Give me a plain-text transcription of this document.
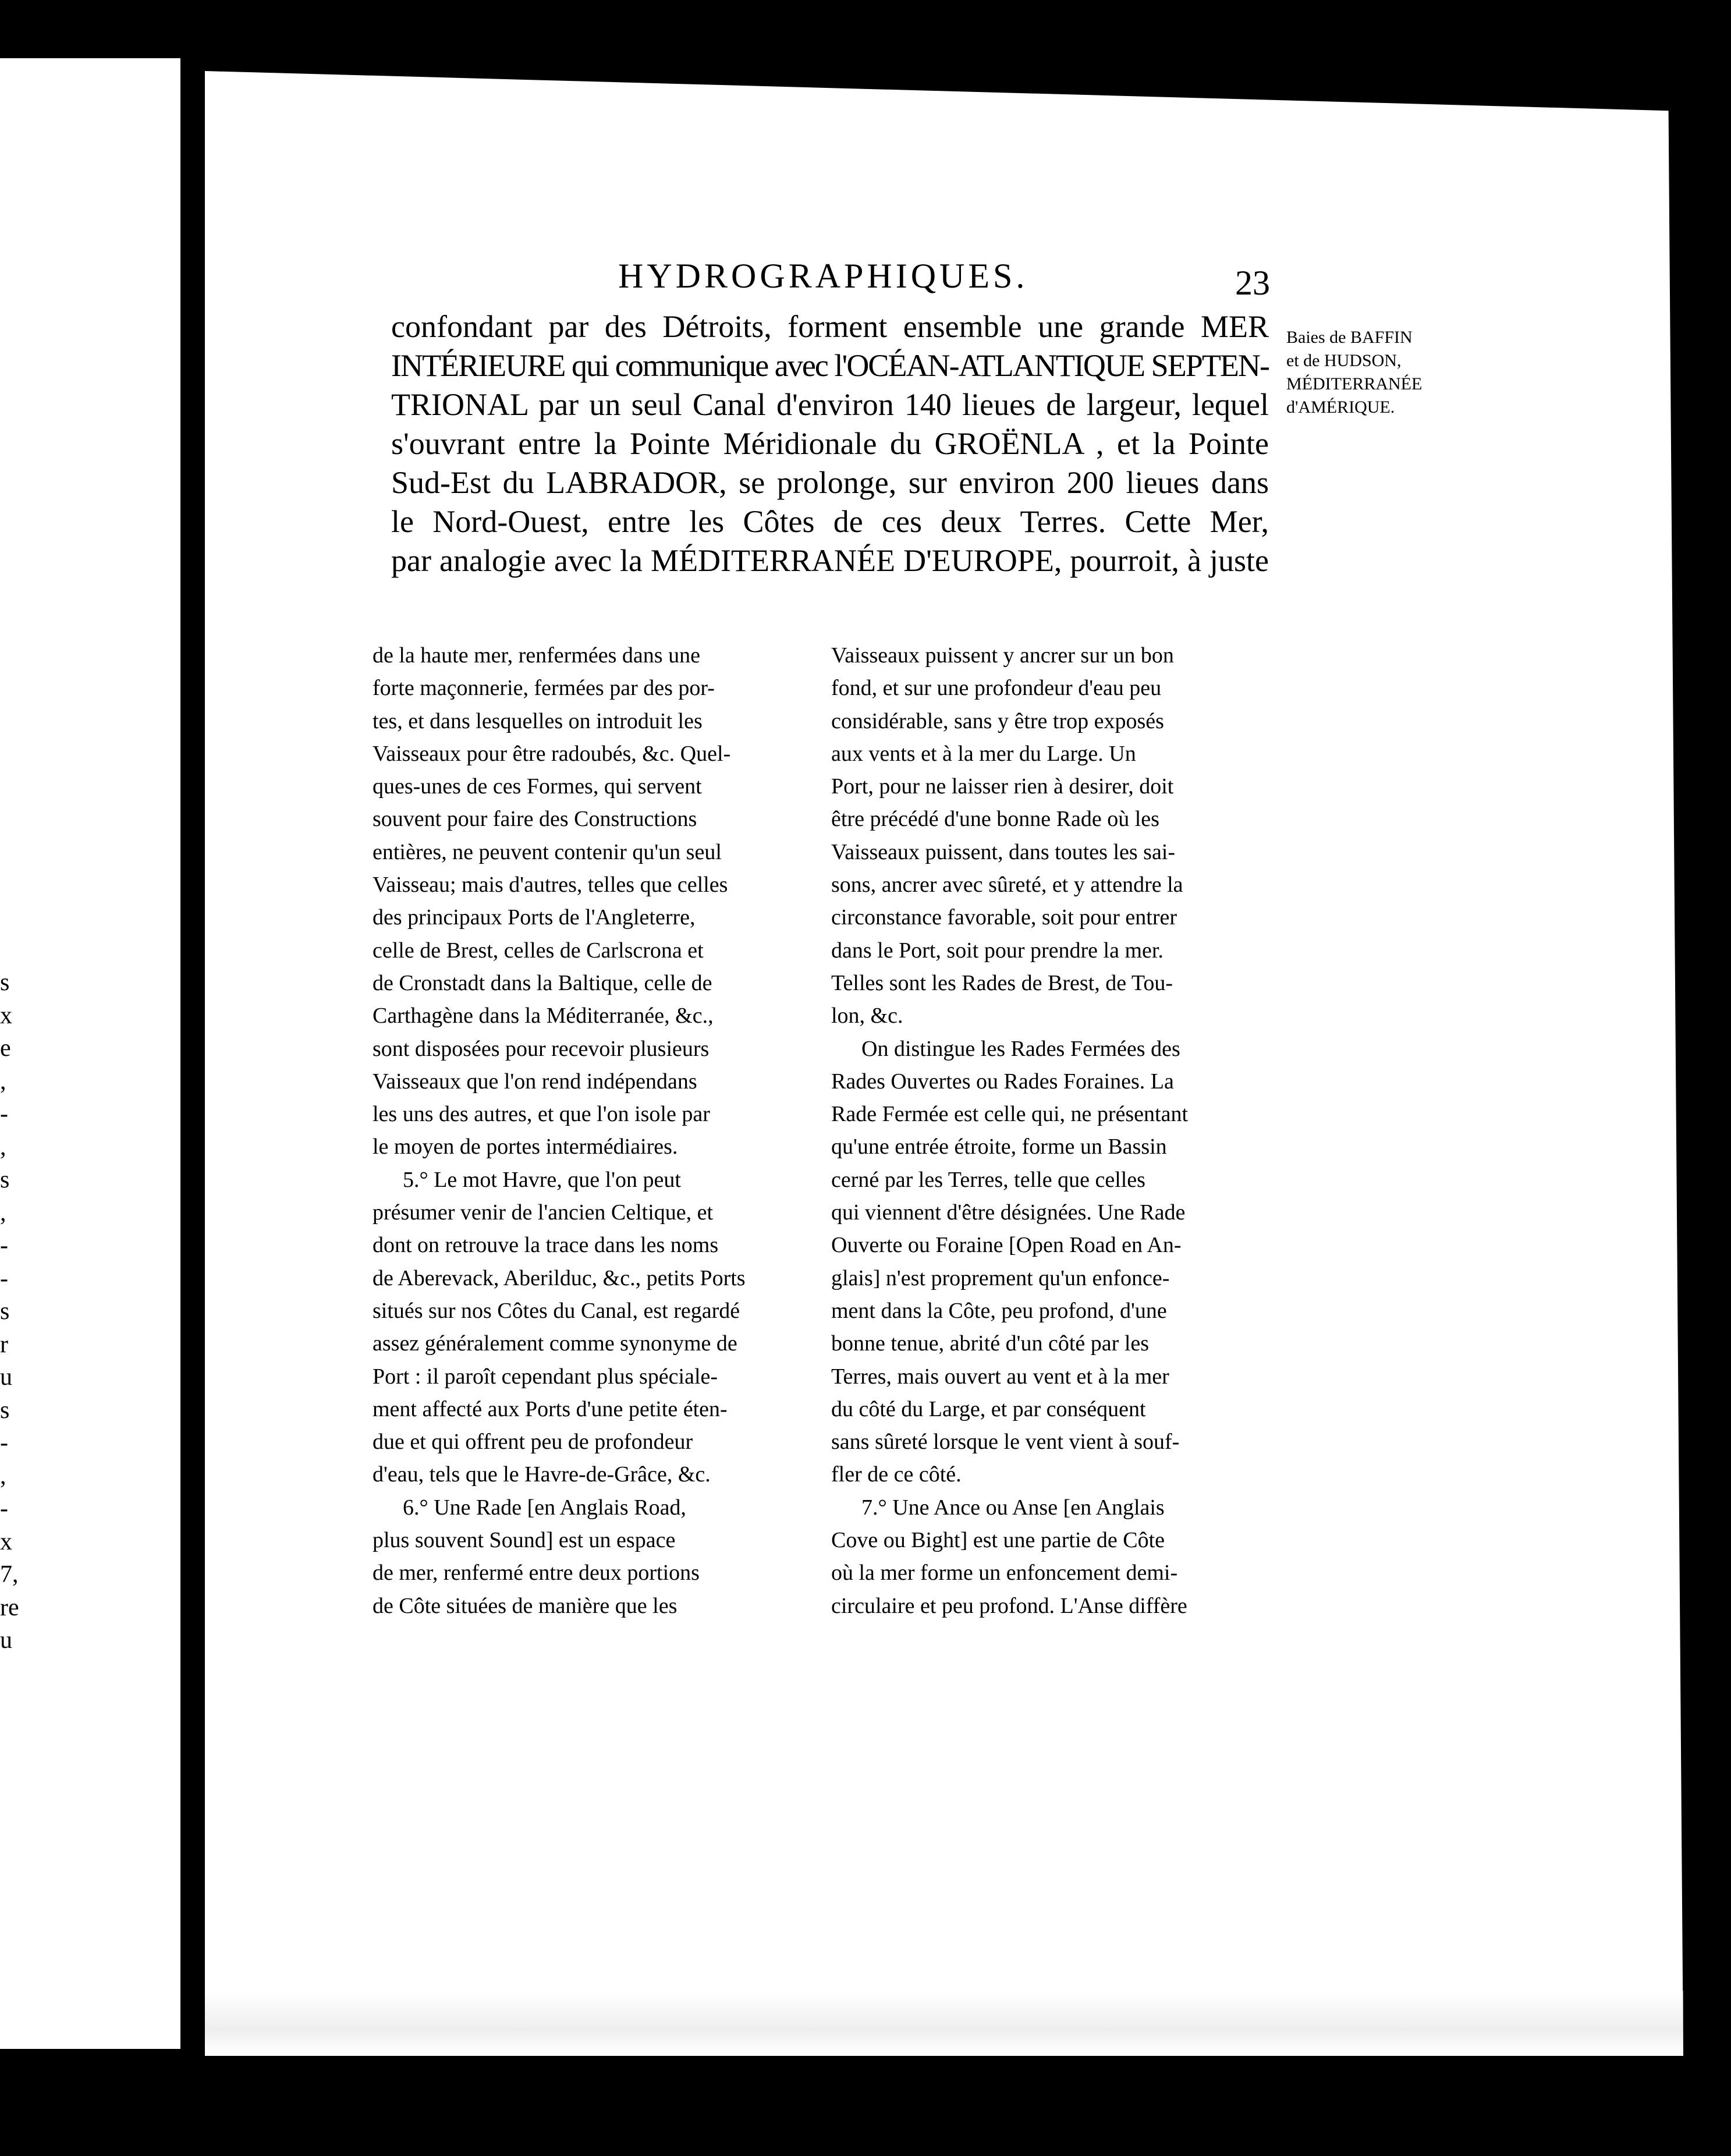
s
x
e
,
-
,
s
,
-
-
s
r
u
s
-
,
-
x
7,
re
u
HYDROGRAPHIQUES.	23
confondant par des Détroits, forment ensemble une grande MER
INTÉRIEURE qui communique avec l'OCÉAN-ATLANTIQUE SEPTEN-
TRIONAL par un seul Canal d'environ 140 lieues de largeur, lequel
s'ouvrant entre la Pointe Méridionale du GROËNLA , et la Pointe
Sud-Est du LABRADOR, se prolonge, sur environ 200 lieues dans
le Nord-Ouest, entre les Côtes de ces deux Terres. Cette Mer,
par analogie avec la MÉDITERRANÉE D'EUROPE, pourroit, à juste
Baies de BAFFIN
et de HUDSON,
MÉDITERRANÉE
d'AMÉRIQUE.
de la haute mer, renfermées dans une
forte maçonnerie, fermées par des por-
tes, et dans lesquelles on introduit les
Vaisseaux pour être radoubés, &c. Quel-
ques-unes de ces Formes, qui servent
souvent pour faire des Constructions
entières, ne peuvent contenir qu'un seul
Vaisseau; mais d'autres, telles que celles
des principaux Ports de l'Angleterre,
celle de Brest, celles de Carlscrona et
de Cronstadt dans la Baltique, celle de
Carthagène dans la Méditerranée, &c.,
sont disposées pour recevoir plusieurs
Vaisseaux que l'on rend indépendans
les uns des autres, et que l'on isole par
le moyen de portes intermédiaires.
5.° Le mot Havre, que l'on peut
présumer venir de l'ancien Celtique, et
dont on retrouve la trace dans les noms
de Aberevack, Aberilduc, &c., petits Ports
situés sur nos Côtes du Canal, est regardé
assez généralement comme synonyme de
Port : il paroît cependant plus spéciale-
ment affecté aux Ports d'une petite éten-
due et qui offrent peu de profondeur
d'eau, tels que le Havre-de-Grâce, &c.
6.° Une Rade [en Anglais Road,
plus souvent Sound] est un espace
de mer, renfermé entre deux portions
de Côte situées de manière que les
Vaisseaux puissent y ancrer sur un bon
fond, et sur une profondeur d'eau peu
considérable, sans y être trop exposés
aux vents et à la mer du Large. Un
Port, pour ne laisser rien à desirer, doit
être précédé d'une bonne Rade où les
Vaisseaux puissent, dans toutes les sai-
sons, ancrer avec sûreté, et y attendre la
circonstance favorable, soit pour entrer
dans le Port, soit pour prendre la mer.
Telles sont les Rades de Brest, de Tou-
lon, &c.
On distingue les Rades Fermées des
Rades Ouvertes ou Rades Foraines. La
Rade Fermée est celle qui, ne présentant
qu'une entrée étroite, forme un Bassin
cerné par les Terres, telle que celles
qui viennent d'être désignées. Une Rade
Ouverte ou Foraine [Open Road en An-
glais] n'est proprement qu'un enfonce-
ment dans la Côte, peu profond, d'une
bonne tenue, abrité d'un côté par les
Terres, mais ouvert au vent et à la mer
du côté du Large, et par conséquent
sans sûreté lorsque le vent vient à souf-
fler de ce côté.
7.° Une Ance ou Anse [en Anglais
Cove ou Bight] est une partie de Côte
où la mer forme un enfoncement demi-
circulaire et peu profond. L'Anse diffère
